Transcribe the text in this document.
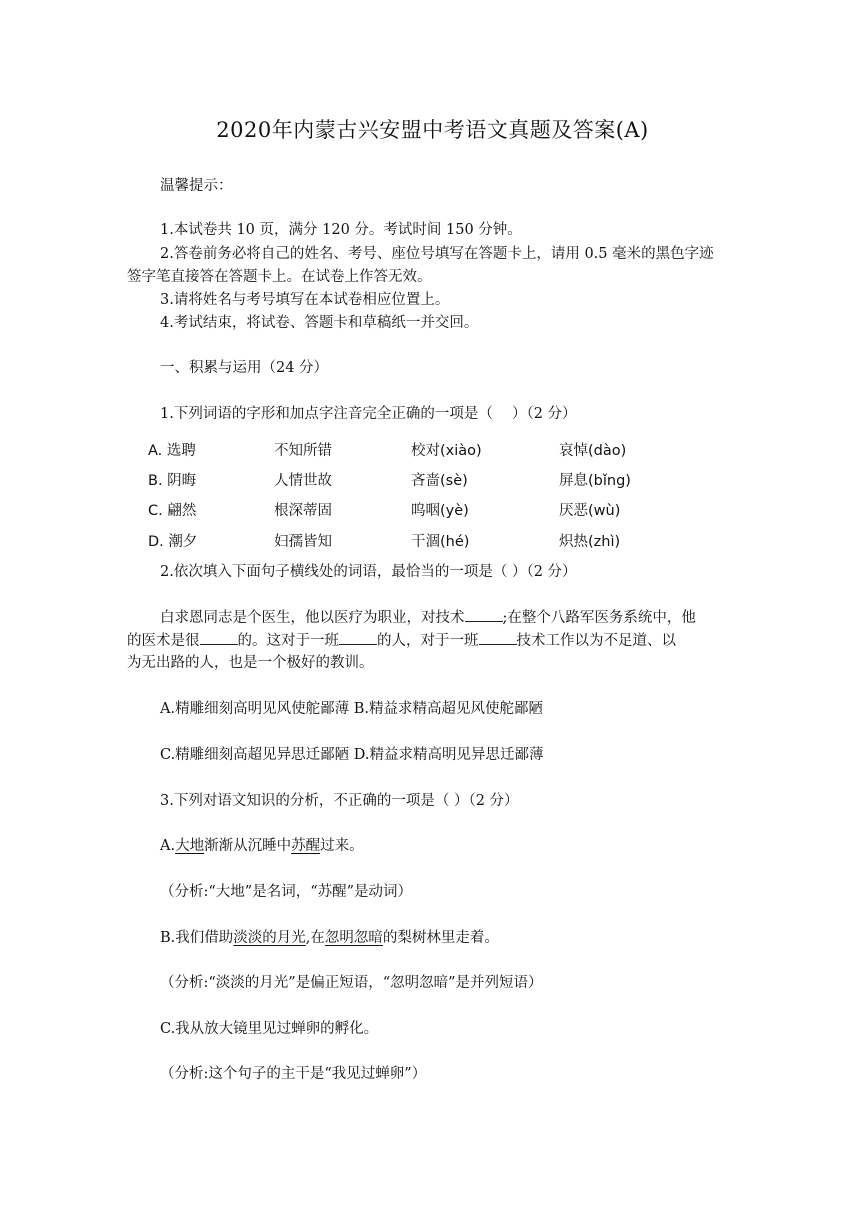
2020年内蒙古兴安盟中考语文真题及答案(A)
温馨提示：
1.本试卷共 10 页，满分 120 分。考试时间 150 分钟。
2.答卷前务必将自己的姓名、考号、座位号填写在答题卡上，请用 0.5 毫米的黑色字迹
签字笔直接答在答题卡上。在试卷上作答无效。
3.请将姓名与考号填写在本试卷相应位置上。
4.考试结束，将试卷、答题卡和草稿纸一并交回。
一、积累与运用（24 分）
1.下列词语的字形和加点字注音完全正确的一项是（　 ）（2 分）
A. 选聘	不知所错	校对(xiào)	哀悼(dào)
B. 阴晦	人情世故	吝啬(sè)	屏息(bǐng)
C. 翩然	根深蒂固	呜咽(yè)	厌恶(wù)
D. 潮夕	妇孺皆知	干涸(hé)	炽热(zhì)
2.依次填入下面句子横线处的词语，最恰当的一项是（ ）（2 分）
白求恩同志是个医生，他以医疗为职业，对技术	;在整个八路军医务系统中，他
的医术是很	的。这对于一班	的人，对于一班	技术工作以为不足道、以
为无出路的人，也是一个极好的教训。
A.精雕细刻高明见风使舵鄙薄 B.精益求精高超见风使舵鄙陋
C.精雕细刻高超见异思迁鄙陋 D.精益求精高明见异思迁鄙薄
3.下列对语文知识的分析，不正确的一项是（ ）（2 分）
A.大地渐渐从沉睡中苏醒过来。
（分析:“大地”是名词，“苏醒”是动词）
B.我们借助淡淡的月光,在忽明忽暗的梨树林里走着。
（分析:“淡淡的月光”是偏正短语，“忽明忽暗”是并列短语）
C.我从放大镜里见过蝉卵的孵化。
（分析:这个句子的主干是“我见过蝉卵”）
